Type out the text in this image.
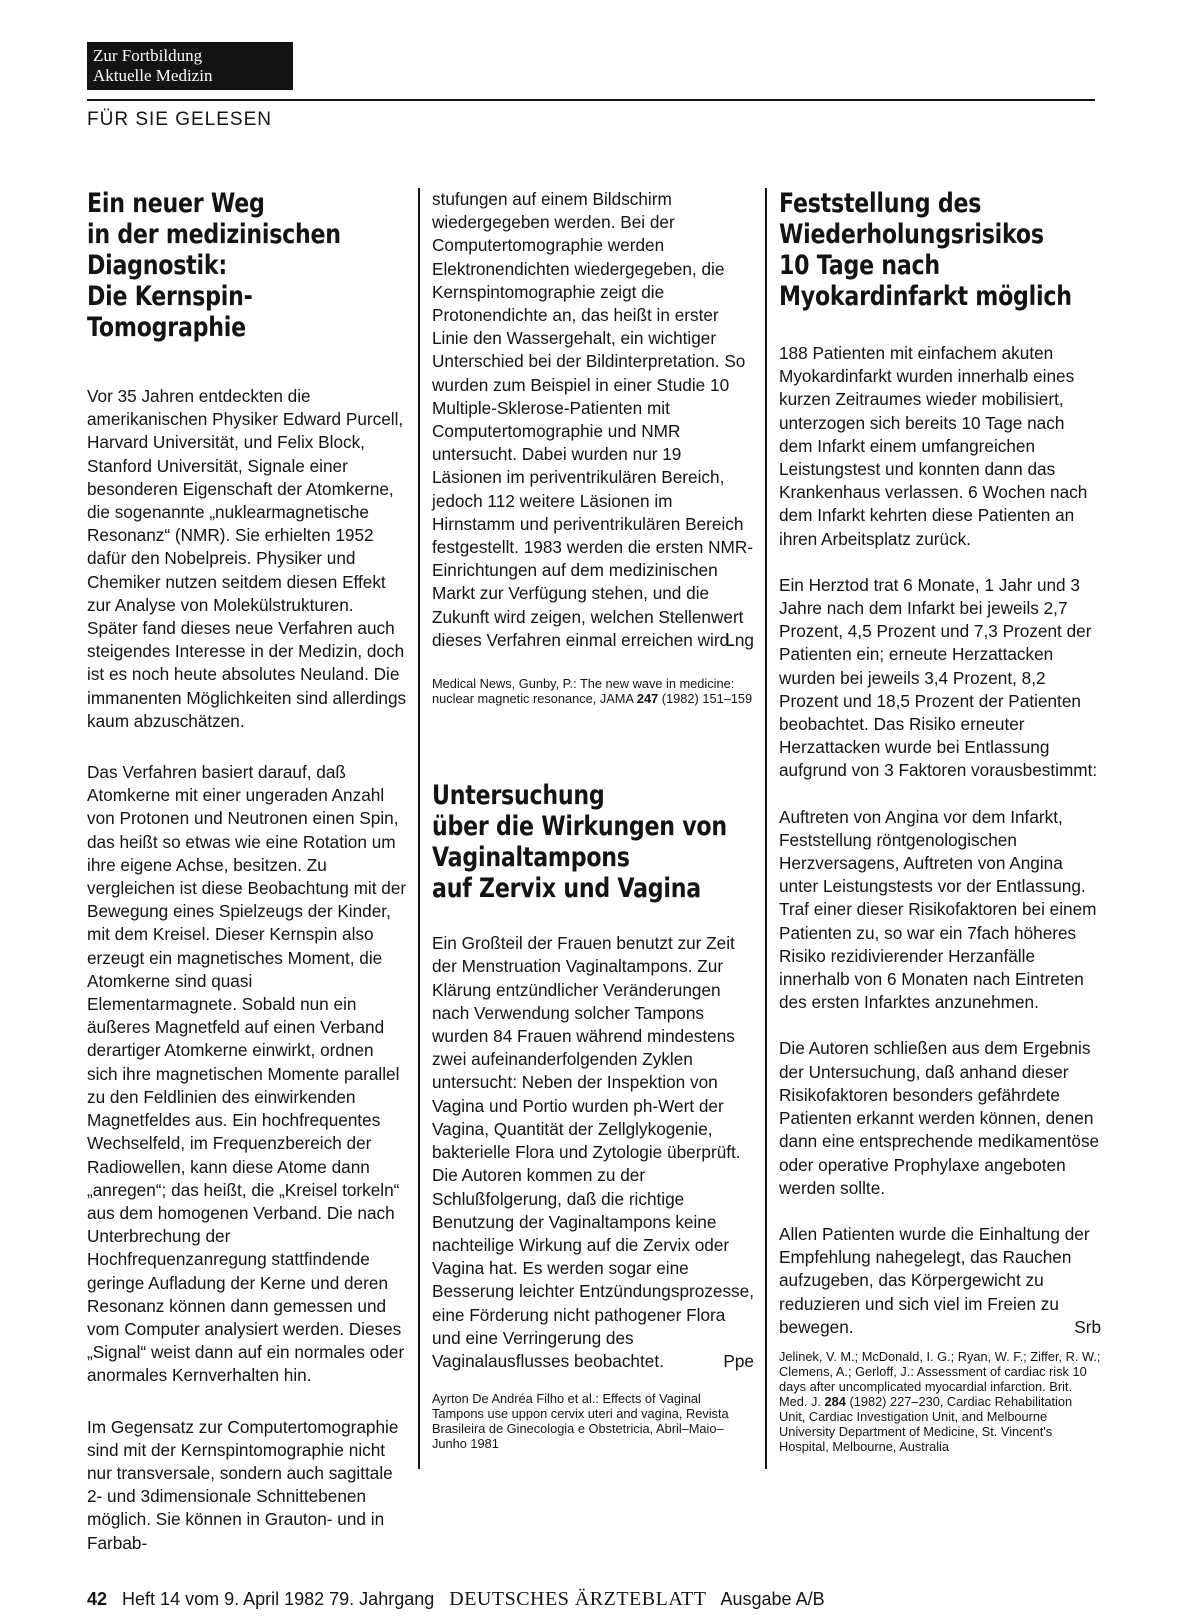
Zur Fortbildung
Aktuelle Medizin
FÜR SIE GELESEN
Ein neuer Weg
in der medizinischen
Diagnostik:
Die Kernspin-Tomographie

Vor 35 Jahren entdeckten die amerikanischen Physiker Edward Purcell, Harvard Universität, und Felix Block, Stanford Universität, Signale einer besonderen Eigenschaft der Atomkerne, die sogenannte „nuklearmagnetische Resonanz“ (NMR). Sie erhielten 1952 dafür den Nobelpreis. Physiker und Chemiker nutzen seitdem diesen Effekt zur Analyse von Molekülstrukturen. Später fand dieses neue Verfahren auch steigendes Interesse in der Medizin, doch ist es noch heute absolutes Neuland. Die immanenten Möglichkeiten sind allerdings kaum abzuschätzen.

Das Verfahren basiert darauf, daß Atomkerne mit einer ungeraden Anzahl von Protonen und Neutronen einen Spin, das heißt so etwas wie eine Rotation um ihre eigene Achse, besitzen. Zu vergleichen ist diese Beobachtung mit der Bewegung eines Spielzeugs der Kinder, mit dem Kreisel. Dieser Kernspin also erzeugt ein magnetisches Moment, die Atomkerne sind quasi Elementarmagnete. Sobald nun ein äußeres Magnetfeld auf einen Verband derartiger Atomkerne einwirkt, ordnen sich ihre magnetischen Momente parallel zu den Feldlinien des einwirkenden Magnetfeldes aus. Ein hochfrequentes Wechselfeld, im Frequenzbereich der Radiowellen, kann diese Atome dann „anregen“; das heißt, die „Kreisel torkeln“ aus dem homogenen Verband. Die nach Unterbrechung der Hochfrequenzanregung stattfindende geringe Aufladung der Kerne und deren Resonanz können dann gemessen und vom Computer analysiert werden. Dieses „Signal“ weist dann auf ein normales oder anormales Kernverhalten hin.

Im Gegensatz zur Computertomographie sind mit der Kernspintomographie nicht nur transversale, sondern auch sagittale 2- und 3dimensionale Schnittebenen möglich. Sie können in Grauton- und in Farbab-

stufungen auf einem Bildschirm wiedergegeben werden. Bei der Computertomographie werden Elektronendichten wiedergegeben, die Kernspintomographie zeigt die Protonendichte an, das heißt in erster Linie den Wassergehalt, ein wichtiger Unterschied bei der Bildinterpretation. So wurden zum Beispiel in einer Studie 10 Multiple-Sklerose-Patienten mit Computertomographie und NMR untersucht. Dabei wurden nur 19 Läsionen im periventrikulären Bereich, jedoch 112 weitere Läsionen im Hirnstamm und periventrikulären Bereich festgestellt. 1983 werden die ersten NMR-Einrichtungen auf dem medizinischen Markt zur Verfügung stehen, und die Zukunft wird zeigen, welchen Stellenwert dieses Verfahren einmal erreichen wird.

Lng

Medical News, Gunby, P.: The new wave in medicine: nuclear magnetic resonance, JAMA 247 (1982) 151–159

Untersuchung
über die Wirkungen von
Vaginaltampons
auf Zervix und Vagina

Ein Großteil der Frauen benutzt zur Zeit der Menstruation Vaginaltampons. Zur Klärung entzündlicher Veränderungen nach Verwendung solcher Tampons wurden 84 Frauen während mindestens zwei aufeinanderfolgenden Zyklen untersucht: Neben der Inspektion von Vagina und Portio wurden ph-Wert der Vagina, Quantität der Zellglykogenie, bakterielle Flora und Zytologie überprüft. Die Autoren kommen zu der Schlußfolgerung, daß die richtige Benutzung der Vaginaltampons keine nachteilige Wirkung auf die Zervix oder Vagina hat. Es werden sogar eine Besserung leichter Entzündungsprozesse, eine Förderung nicht pathogener Flora und eine Verringerung des Vaginalausflusses beobachtet.	Ppe

Ayrton De Andréa Filho et al.: Effects of Vaginal Tampons use uppon cervix uteri and vagina, Revista Brasileira de Ginecologia e Obstetricia, Abril–Maio–Junho 1981

Feststellung des
Wiederholungsrisikos
10 Tage nach
Myokardinfarkt möglich

188 Patienten mit einfachem akuten Myokardinfarkt wurden innerhalb eines kurzen Zeitraumes wieder mobilisiert, unterzogen sich bereits 10 Tage nach dem Infarkt einem umfangreichen Leistungstest und konnten dann das Krankenhaus verlassen. 6 Wochen nach dem Infarkt kehrten diese Patienten an ihren Arbeitsplatz zurück.

Ein Herztod trat 6 Monate, 1 Jahr und 3 Jahre nach dem Infarkt bei jeweils 2,7 Prozent, 4,5 Prozent und 7,3 Prozent der Patienten ein; erneute Herzattacken wurden bei jeweils 3,4 Prozent, 8,2 Prozent und 18,5 Prozent der Patienten beobachtet. Das Risiko erneuter Herzattacken wurde bei Entlassung aufgrund von 3 Faktoren vorausbestimmt:

Auftreten von Angina vor dem Infarkt, Feststellung röntgenologischen Herzversagens, Auftreten von Angina unter Leistungstests vor der Entlassung. Traf einer dieser Risikofaktoren bei einem Patienten zu, so war ein 7fach höheres Risiko rezidivierender Herzanfälle innerhalb von 6 Monaten nach Eintreten des ersten Infarktes anzunehmen.

Die Autoren schließen aus dem Ergebnis der Untersuchung, daß anhand dieser Risikofaktoren besonders gefährdete Patienten erkannt werden können, denen dann eine entsprechende medikamentöse oder operative Prophylaxe angeboten werden sollte.

Allen Patienten wurde die Einhaltung der Empfehlung nahegelegt, das Rauchen aufzugeben, das Körpergewicht zu reduzieren und sich viel im Freien zu bewegen.	Srb

Jelinek, V. M.; McDonald, I. G.; Ryan, W. F.; Ziffer, R. W.; Clemens, A.; Gerloff, J.: Assessment of cardiac risk 10 days after uncomplicated myocardial infarction. Brit. Med. J. 284 (1982) 227–230, Cardiac Rehabilitation Unit, Cardiac Investigation Unit, and Melbourne University Department of Medicine, St. Vincent's Hospital, Melbourne, Australia

42 Heft 14 vom 9. April 1982 79. Jahrgang DEUTSCHES ÄRZTEBLATT Ausgabe A/B
